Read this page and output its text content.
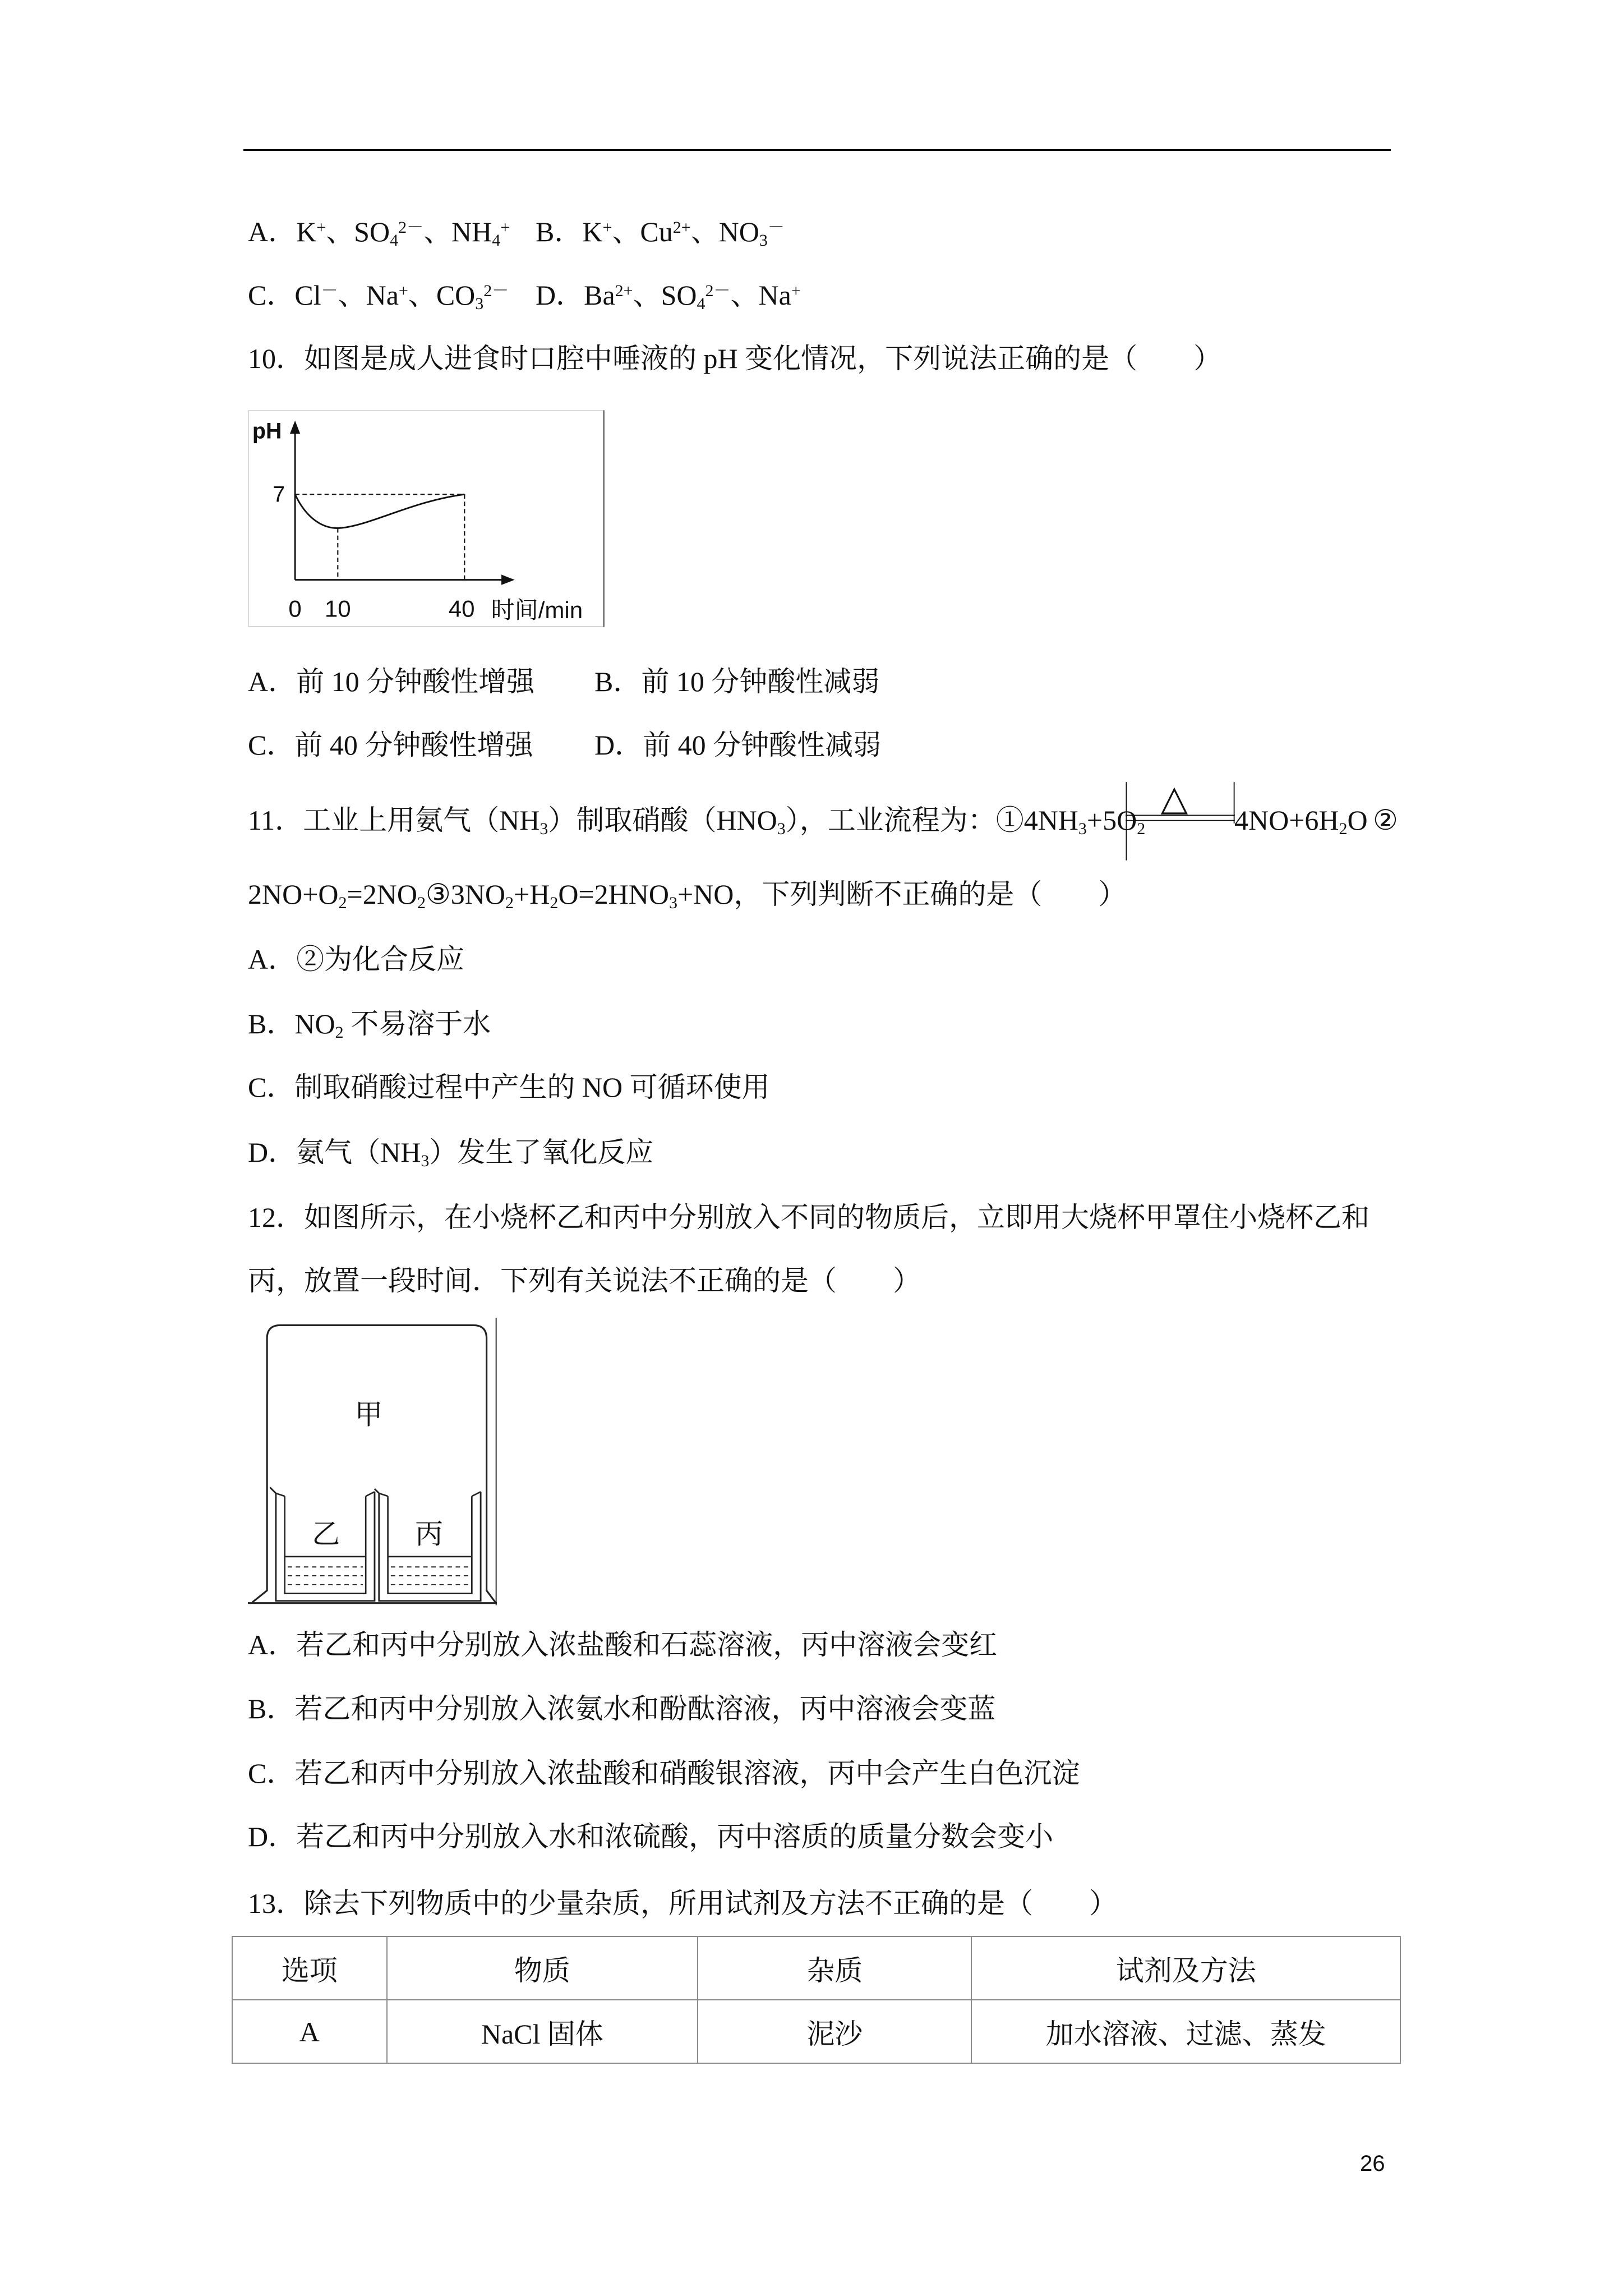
A．K+、$SO_4^{2-}$、$NH_4^+$ B．K+、$Cu^{2+}$、$NO_3^-$
C．Cl－、Na+、$CO_3^{2-}$ D．$Ba^{2+}$、$SO_4^{2-}$、Na+
10．如图是成人进食时口腔中唾液的 pH 变化情况，下列说法正确的是（　　）
pH
7
0	10	40 时间/min
A．前 10 分钟酸性增强 B．前 10 分钟酸性减弱
C．前 40 分钟酸性增强 D．前 40 分钟酸性减弱
11．工业上用氨气$(NH_3)$制取硝酸$(HNO_3)$，工业流程为：$①4NH_3+5O_2$
△
$4NO+6H_2O$ ②
$2NO+O_2=2NO_2③3NO_2+H_2O=2HNO_3+NO$，下列判断不正确的是（　　）
A．②为化合反应
B．$NO_2$ 不易溶于水
C．制取硝酸过程中产生的 NO 可循环使用
D．氨气$(NH_3)$发生了氧化反应
12．如图所示，在小烧杯乙和丙中分别放入不同的物质后，立即用大烧杯甲罩住小烧杯乙和
丙，放置一段时间．下列有关说法不正确的是（　　）
甲
乙	丙
A．若乙和丙中分别放入浓盐酸和石蕊溶液，丙中溶液会变红
B．若乙和丙中分别放入浓氨水和酚酞溶液，丙中溶液会变蓝
C．若乙和丙中分别放入浓盐酸和硝酸银溶液，丙中会产生白色沉淀
D．若乙和丙中分别放入水和浓硫酸，丙中溶质的质量分数会变小
13．除去下列物质中的少量杂质，所用试剂及方法不正确的是（　　）
选项	物质	杂质	试剂及方法
A	NaCl 固体	泥沙	加水溶液、过滤、蒸发
26
